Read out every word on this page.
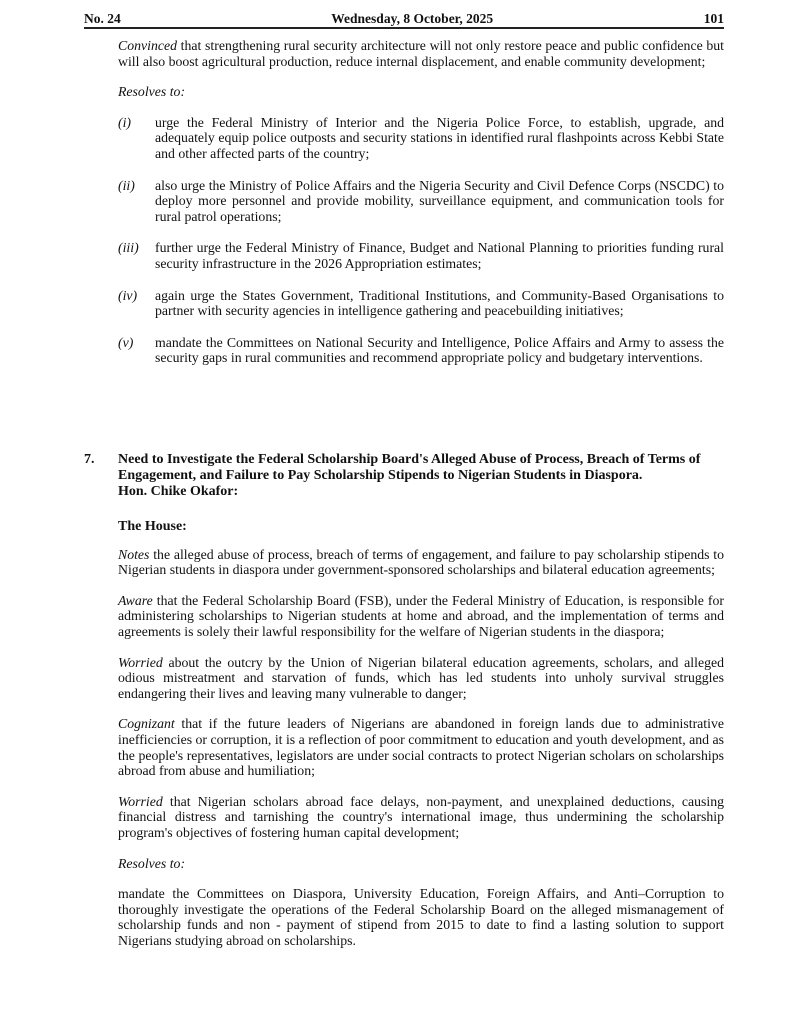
No. 24	Wednesday, 8 October, 2025	101

Convinced that strengthening rural security architecture will not only restore peace and public confidence but will also boost agricultural production, reduce internal displacement, and enable community development;

Resolves to:

(i)	urge the Federal Ministry of Interior and the Nigeria Police Force, to establish, upgrade, and adequately equip police outposts and security stations in identified rural flashpoints across Kebbi State and other affected parts of the country;
(ii)	also urge the Ministry of Police Affairs and the Nigeria Security and Civil Defence Corps (NSCDC) to deploy more personnel and provide mobility, surveillance equipment, and communication tools for rural patrol operations;
(iii)	further urge the Federal Ministry of Finance, Budget and National Planning to priorities funding rural security infrastructure in the 2026 Appropriation estimates;
(iv)	again urge the States Government, Traditional Institutions, and Community-Based Organisations to partner with security agencies in intelligence gathering and peacebuilding initiatives;
(v)	mandate the Committees on National Security and Intelligence, Police Affairs and Army to assess the security gaps in rural communities and recommend appropriate policy and budgetary interventions.
7.	Need to Investigate the Federal Scholarship Board's Alleged Abuse of Process, Breach of Terms of Engagement, and Failure to Pay Scholarship Stipends to Nigerian Students in Diaspora.
Hon. Chike Okafor:

The House:

Notes the alleged abuse of process, breach of terms of engagement, and failure to pay scholarship stipends to Nigerian students in diaspora under government-sponsored scholarships and bilateral education agreements;

Aware that the Federal Scholarship Board (FSB), under the Federal Ministry of Education, is responsible for administering scholarships to Nigerian students at home and abroad, and the implementation of terms and agreements is solely their lawful responsibility for the welfare of Nigerian students in the diaspora;

Worried about the outcry by the Union of Nigerian bilateral education agreements, scholars, and alleged odious mistreatment and starvation of funds, which has led students into unholy survival struggles endangering their lives and leaving many vulnerable to danger;

Cognizant that if the future leaders of Nigerians are abandoned in foreign lands due to administrative inefficiencies or corruption, it is a reflection of poor commitment to education and youth development, and as the people's representatives, legislators are under social contracts to protect Nigerian scholars on scholarships abroad from abuse and humiliation;

Worried that Nigerian scholars abroad face delays, non-payment, and unexplained deductions, causing financial distress and tarnishing the country's international image, thus undermining the scholarship program's objectives of fostering human capital development;

Resolves to:

mandate the Committees on Diaspora, University Education, Foreign Affairs, and Anti–Corruption to thoroughly investigate the operations of the Federal Scholarship Board on the alleged mismanagement of scholarship funds and non - payment of stipend from 2015 to date to find a lasting solution to support Nigerians studying abroad on scholarships.
